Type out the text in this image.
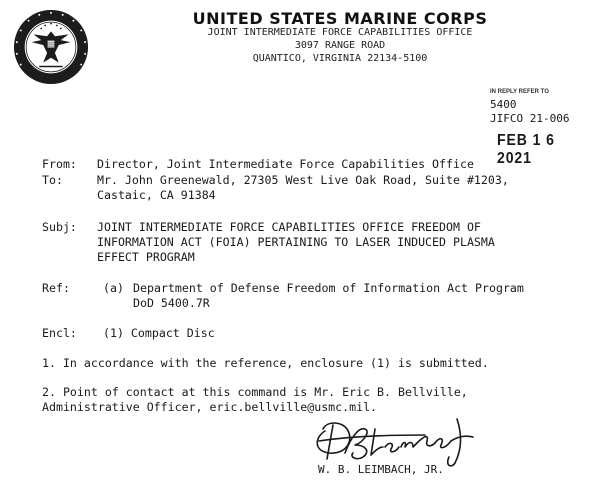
UNITED STATES MARINE CORPS
JOINT INTERMEDIATE FORCE CAPABILITIES OFFICE
3097 RANGE ROAD
QUANTICO, VIRGINIA 22134-5100
IN REPLY REFER TO
5400
JIFCO 21-006
FEB 1 6 2021
From: Director, Joint Intermediate Force Capabilities Office
To:	Mr. John Greenewald, 27305 West Live Oak Road, Suite #1203,
Castaic, CA 91384
Subj: JOINT INTERMEDIATE FORCE CAPABILITIES OFFICE FREEDOM OF
INFORMATION ACT (FOIA) PERTAINING TO LASER INDUCED PLASMA
EFFECT PROGRAM
Ref:	(a) Department of Defense Freedom of Information Act Program
DoD 5400.7R
Encl: (1) Compact Disc
1. In accordance with the reference, enclosure (1) is submitted.
2. Point of contact at this command is Mr. Eric B. Bellville,
Administrative Officer, eric.bellville@usmc.mil.
W. B. LEIMBACH, JR.
